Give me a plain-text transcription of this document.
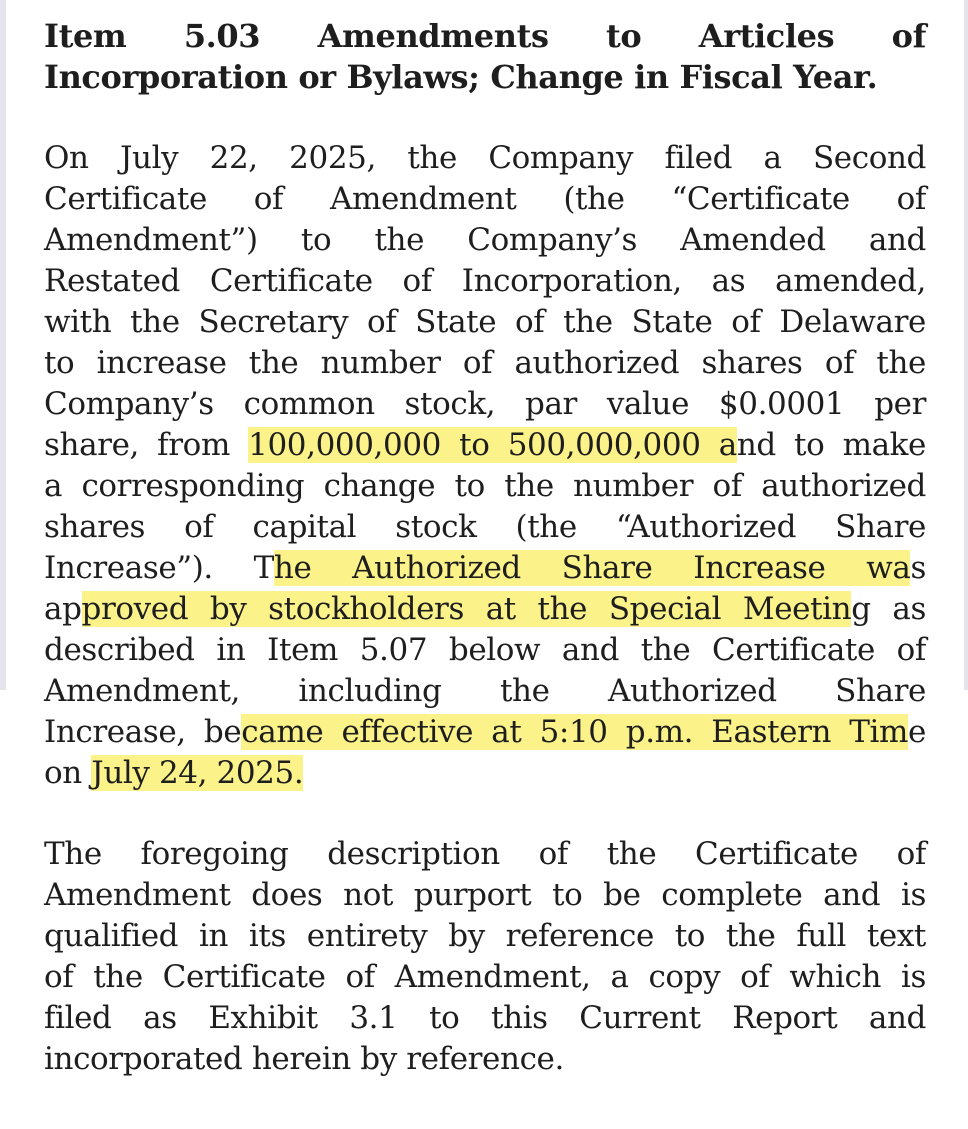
Item 5.03 Amendments to Articles of
Incorporation or Bylaws; Change in Fiscal Year.
On July 22, 2025, the Company filed a Second
Certificate of Amendment (the “Certificate of
Amendment”) to the Company’s Amended and
Restated Certificate of Incorporation, as amended,
with the Secretary of State of the State of Delaware
to increase the number of authorized shares of the
Company’s common stock, par value $0.0001 per
share, from 100,000,000 to 500,000,000 and to make
a corresponding change to the number of authorized
shares of capital stock (the “Authorized Share
Increase”). The Authorized Share Increase was
approved by stockholders at the Special Meeting as
described in Item 5.07 below and the Certificate of
Amendment, including the Authorized Share
Increase, became effective at 5:10 p.m. Eastern Time
on July 24, 2025.
The foregoing description of the Certificate of
Amendment does not purport to be complete and is
qualified in its entirety by reference to the full text
of the Certificate of Amendment, a copy of which is
filed as Exhibit 3.1 to this Current Report and
incorporated herein by reference.
